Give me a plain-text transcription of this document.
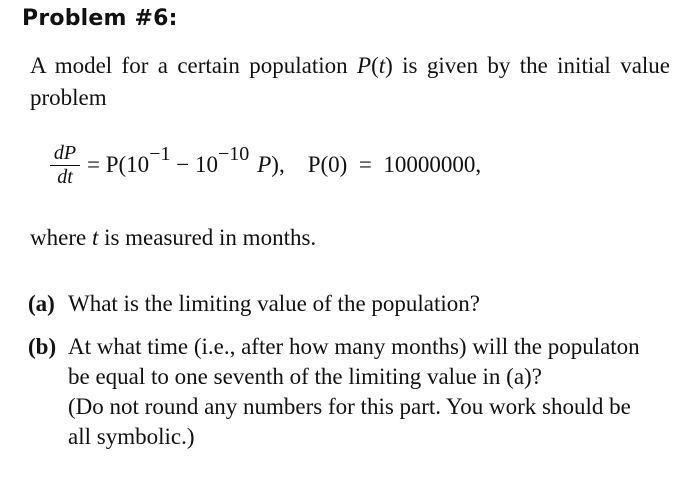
Problem #6:
A model for a certain population P(t) is given by the initial value problem
dP
dt = $P(10^{-1} - 10^{-10}$ P), P(0) = 10000000,
where t is measured in months.
(a) What is the limiting value of the population?
(b) At what time (i.e., after how many months) will the populaton
be equal to one seventh of the limiting value in (a)?
(Do not round any numbers for this part. You work should be
all symbolic.)
